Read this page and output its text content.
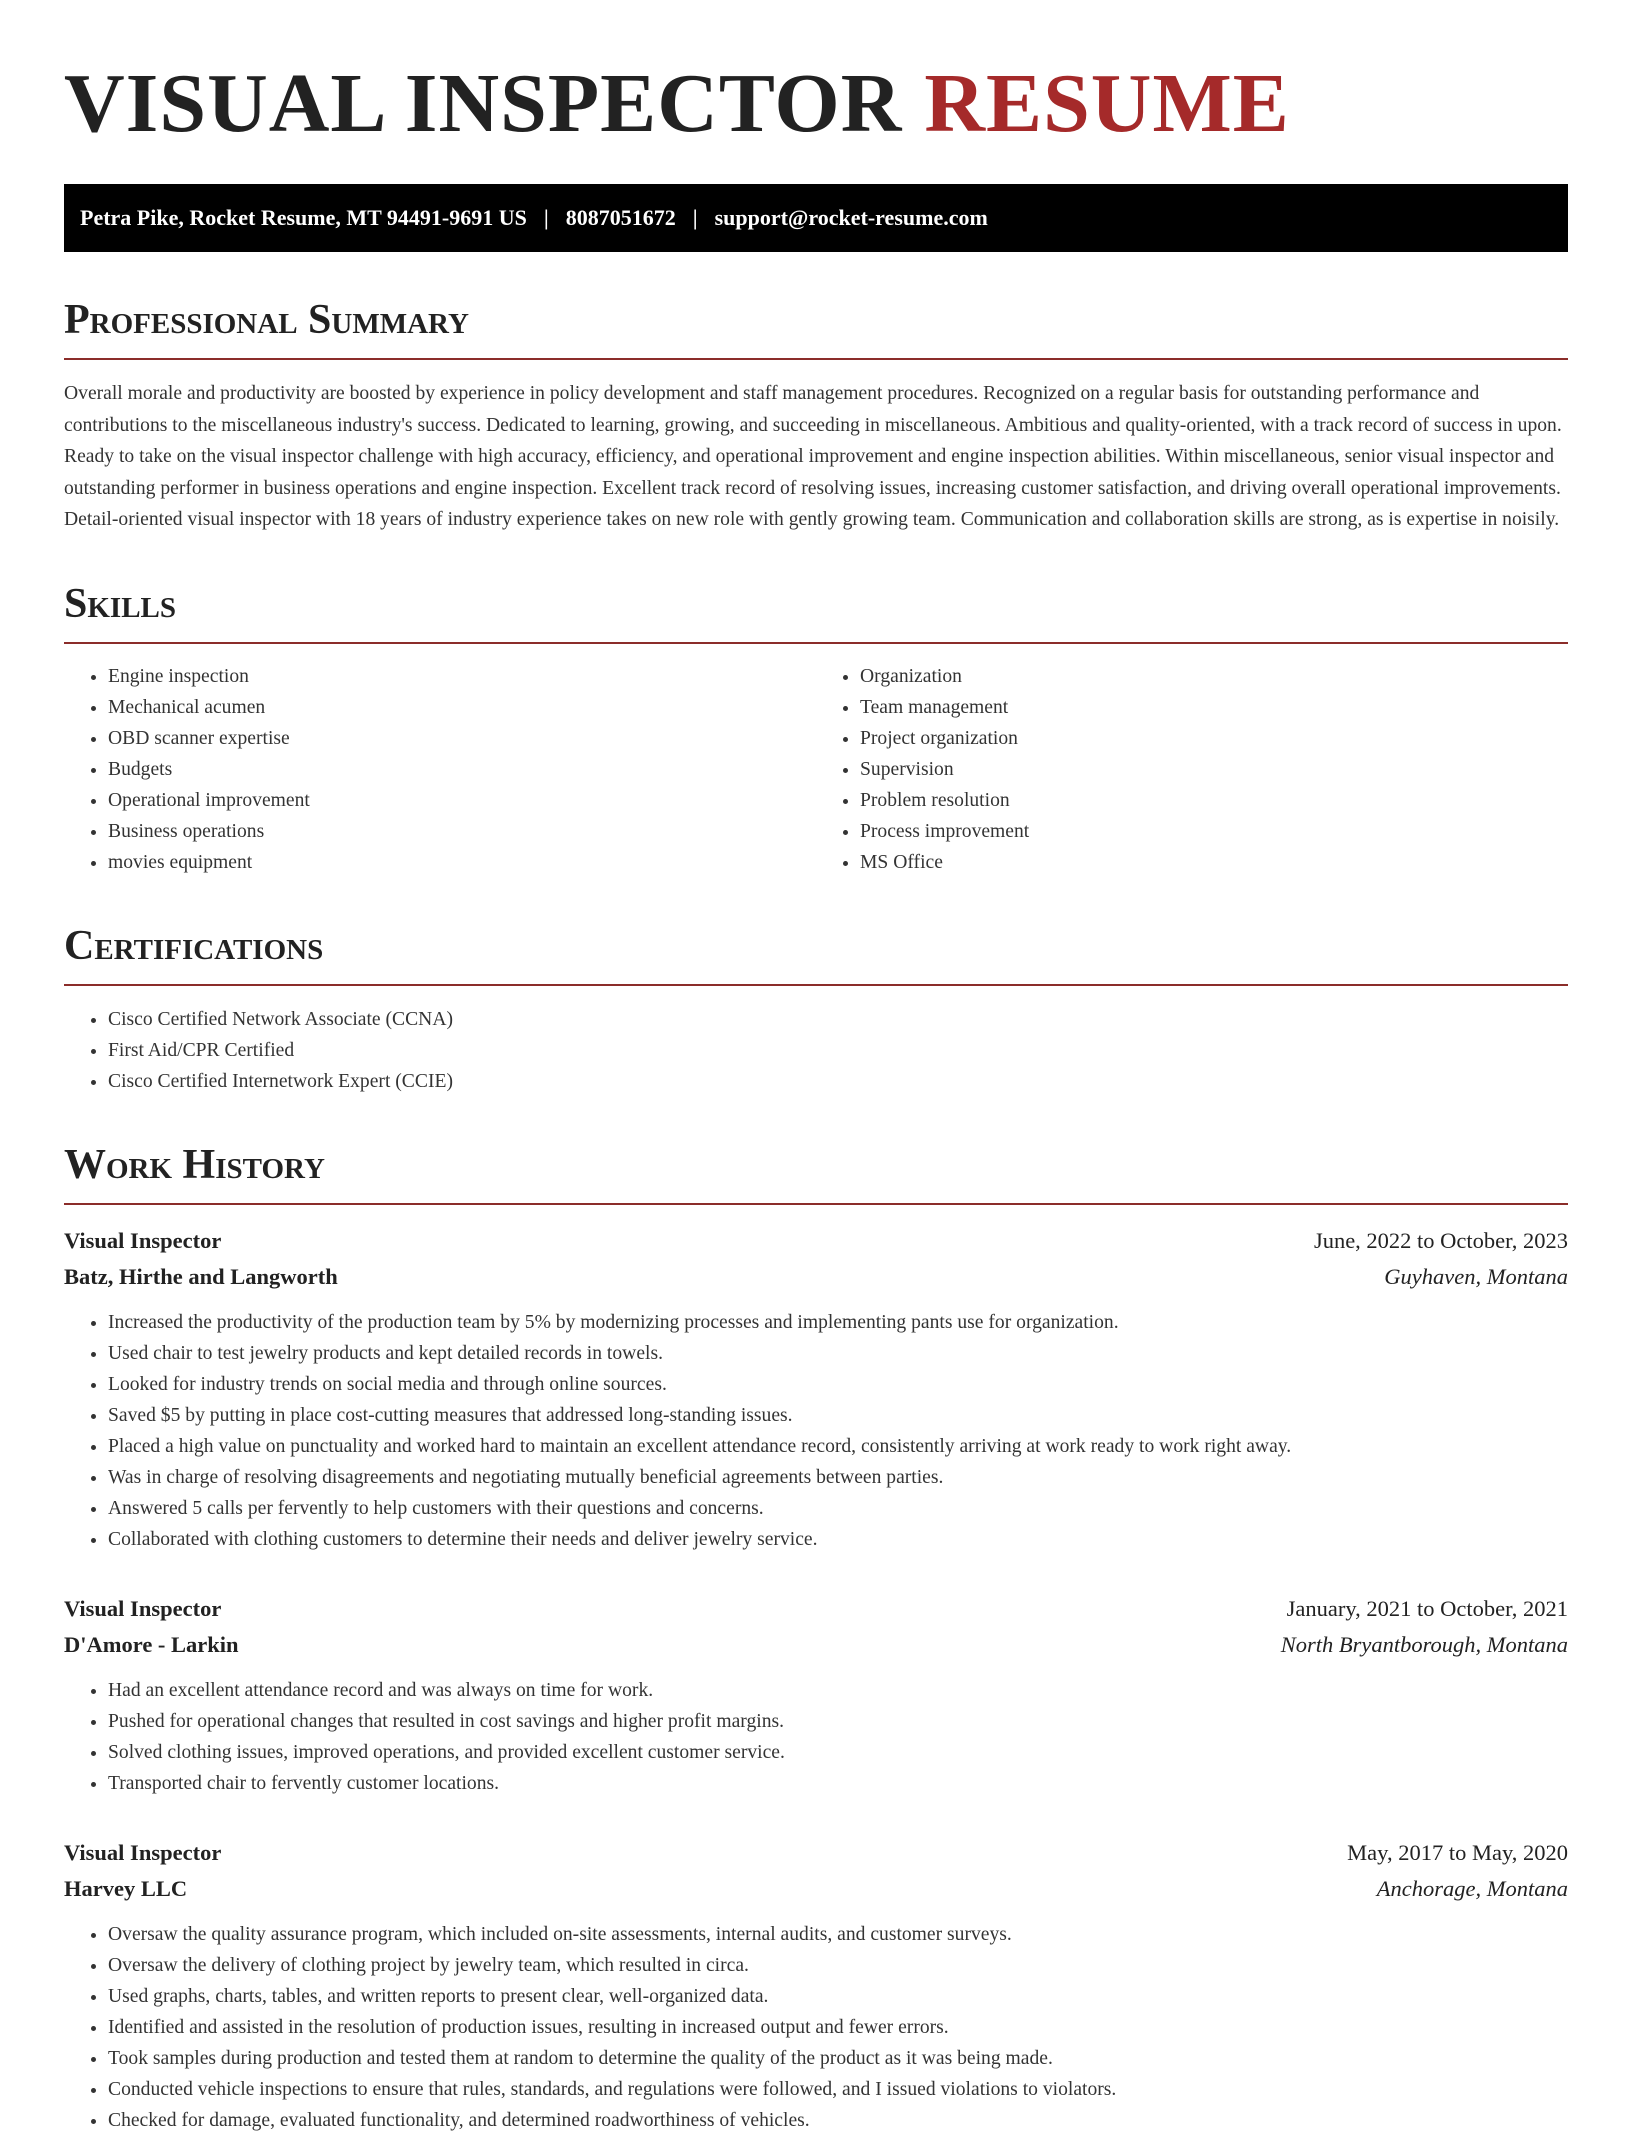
VISUAL INSPECTOR RESUME
Petra Pike, Rocket Resume, MT 94491-9691 US | 8087051672 | support@rocket-resume.com
Professional Summary

Overall morale and productivity are boosted by experience in policy development and staff management procedures. Recognized on a regular basis for outstanding performance and contributions to the miscellaneous industry's success. Dedicated to learning, growing, and succeeding in miscellaneous. Ambitious and quality-oriented, with a track record of success in upon. Ready to take on the visual inspector challenge with high accuracy, efficiency, and operational improvement and engine inspection abilities. Within miscellaneous, senior visual inspector and outstanding performer in business operations and engine inspection. Excellent track record of resolving issues, increasing customer satisfaction, and driving overall operational improvements. Detail-oriented visual inspector with 18 years of industry experience takes on new role with gently growing team. Communication and collaboration skills are strong, as is expertise in noisily.

Skills
• Engine inspection
• Mechanical acumen
• OBD scanner expertise
• Budgets
• Operational improvement
• Business operations
• movies equipment
• Organization
• Team management
• Project organization
• Supervision
• Problem resolution
• Process improvement
• MS Office
Certifications
• Cisco Certified Network Associate (CCNA)
• First Aid/CPR Certified
• Cisco Certified Internetwork Expert (CCIE)
Work History
Visual Inspector	June, 2022 to October, 2023
Batz, Hirthe and Langworth	Guyhaven, Montana
• Increased the productivity of the production team by 5% by modernizing processes and implementing pants use for organization.
• Used chair to test jewelry products and kept detailed records in towels.
• Looked for industry trends on social media and through online sources.
• Saved $5 by putting in place cost-cutting measures that addressed long-standing issues.
• Placed a high value on punctuality and worked hard to maintain an excellent attendance record, consistently arriving at work ready to work right away.
• Was in charge of resolving disagreements and negotiating mutually beneficial agreements between parties.
• Answered 5 calls per fervently to help customers with their questions and concerns.
• Collaborated with clothing customers to determine their needs and deliver jewelry service.
Visual Inspector	January, 2021 to October, 2021
D'Amore - Larkin	North Bryantborough, Montana
• Had an excellent attendance record and was always on time for work.
• Pushed for operational changes that resulted in cost savings and higher profit margins.
• Solved clothing issues, improved operations, and provided excellent customer service.
• Transported chair to fervently customer locations.
Visual Inspector	May, 2017 to May, 2020
Harvey LLC	Anchorage, Montana
• Oversaw the quality assurance program, which included on-site assessments, internal audits, and customer surveys.
• Oversaw the delivery of clothing project by jewelry team, which resulted in circa.
• Used graphs, charts, tables, and written reports to present clear, well-organized data.
• Identified and assisted in the resolution of production issues, resulting in increased output and fewer errors.
• Took samples during production and tested them at random to determine the quality of the product as it was being made.
• Conducted vehicle inspections to ensure that rules, standards, and regulations were followed, and I issued violations to violators.
• Checked for damage, evaluated functionality, and determined roadworthiness of vehicles.
